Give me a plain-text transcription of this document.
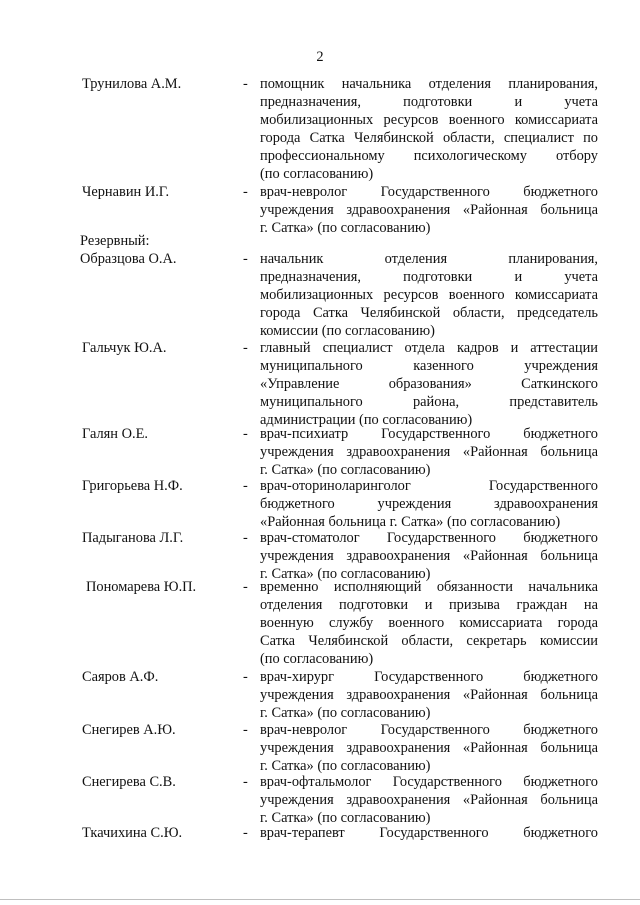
2
Трунилова А.М.	- помощник начальника отделения планирования,
предназначения, подготовки и учета
мобилизационных ресурсов военного комиссариата
города Сатка Челябинской области, специалист по
профессиональному психологическому отбору
(по согласованию)
Чернавин И.Г.	- врач-невролог Государственного бюджетного
учреждения здравоохранения «Районная больница
г. Сатка» (по согласованию)
Резервный:
Образцова О.А.	- начальник отделения планирования,
предназначения, подготовки и учета
мобилизационных ресурсов военного комиссариата
города Сатка Челябинской области, председатель
комиссии (по согласованию)
Гальчук Ю.А.	- главный специалист отдела кадров и аттестации
муниципального казенного учреждения
«Управление образования» Саткинского
муниципального района, представитель
администрации (по согласованию)
Галян О.Е.	- врач-психиатр Государственного бюджетного
учреждения здравоохранения «Районная больница
г. Сатка» (по согласованию)
Григорьева Н.Ф.	- врач-оториноларинголог Государственного
бюджетного учреждения здравоохранения
«Районная больница г. Сатка» (по согласованию)
Падыганова Л.Г.	- врач-стоматолог Государственного бюджетного
учреждения здравоохранения «Районная больница
г. Сатка» (по согласованию)
Пономарева Ю.П.	- временно исполняющий обязанности начальника
отделения подготовки и призыва граждан на
военную службу военного комиссариата города
Сатка Челябинской области, секретарь комиссии
(по согласованию)
Саяров А.Ф.	- врач-хирург Государственного бюджетного
учреждения здравоохранения «Районная больница
г. Сатка» (по согласованию)
Снегирев А.Ю.	- врач-невролог Государственного бюджетного
учреждения здравоохранения «Районная больница
г. Сатка» (по согласованию)
Снегирева С.В.	- врач-офтальмолог Государственного бюджетного
учреждения здравоохранения «Районная больница
г. Сатка» (по согласованию)
Ткачихина С.Ю.	- врач-терапевт Государственного бюджетного
